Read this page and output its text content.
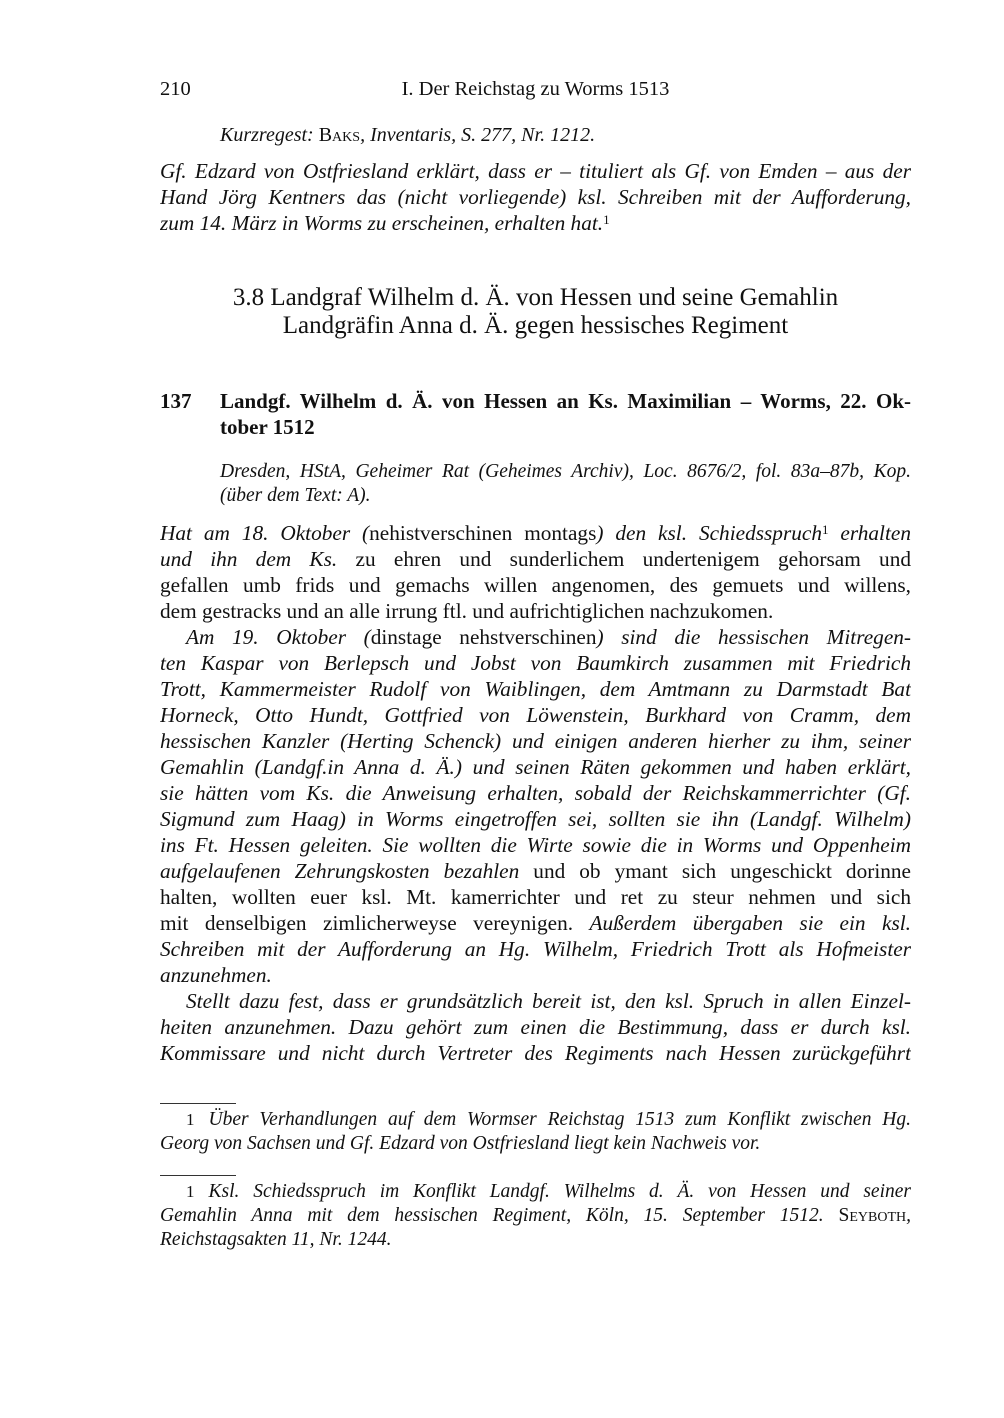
210	I. Der Reichstag zu Worms 1513
Kurzregest: Baks, Inventaris, S. 277, Nr. 1212.
Gf. Edzard von Ostfriesland erklärt, dass er – tituliert als Gf. von Emden – aus der
Hand Jörg Kentners das (nicht vorliegende) ksl. Schreiben mit der Aufforderung,
zum 14. März in Worms zu erscheinen, erhalten hat.$^1$
3.8 Landgraf Wilhelm d. Ä. von Hessen und seine Gemahlin
Landgräfin Anna d. Ä. gegen hessisches Regiment
137 Landgf. Wilhelm d. Ä. von Hessen an Ks. Maximilian – Worms, 22. Ok-
tober 1512
Dresden, HStA, Geheimer Rat (Geheimes Archiv), Loc. 8676/2, fol. 83a–87b, Kop.
(über dem Text: A).
Hat am 18. Oktober (nehistverschinen montags) den ksl. Schiedsspruch$^1$ erhalten
und ihn dem Ks. zu ehren und sunderlichem undertenigem gehorsam und
gefallen umb frids und gemachs willen angenomen, des gemuets und willens,
dem gestracks und an alle irrung ftl. und aufrichtiglichen nachzukomen.
Am 19. Oktober (dinstage nehstverschinen) sind die hessischen Mitregen-
ten Kaspar von Berlepsch und Jobst von Baumkirch zusammen mit Friedrich
Trott, Kammermeister Rudolf von Waiblingen, dem Amtmann zu Darmstadt Bat
Horneck, Otto Hundt, Gottfried von Löwenstein, Burkhard von Cramm, dem
hessischen Kanzler (Herting Schenck) und einigen anderen hierher zu ihm, seiner
Gemahlin (Landgf.in Anna d. Ä.) und seinen Räten gekommen und haben erklärt,
sie hätten vom Ks. die Anweisung erhalten, sobald der Reichskammerrichter (Gf.
Sigmund zum Haag) in Worms eingetroffen sei, sollten sie ihn (Landgf. Wilhelm)
ins Ft. Hessen geleiten. Sie wollten die Wirte sowie die in Worms und Oppenheim
aufgelaufenen Zehrungskosten bezahlen und ob ymant sich ungeschickt dorinne
halten, wollten euer ksl. Mt. kamerrichter und ret zu steur nehmen und sich
mit denselbigen zimlicherweyse vereynigen. Außerdem übergaben sie ein ksl.
Schreiben mit der Aufforderung an Hg. Wilhelm, Friedrich Trott als Hofmeister
anzunehmen.
Stellt dazu fest, dass er grundsätzlich bereit ist, den ksl. Spruch in allen Einzel-
heiten anzunehmen. Dazu gehört zum einen die Bestimmung, dass er durch ksl.
Kommissare und nicht durch Vertreter des Regiments nach Hessen zurückgeführt
1 Über Verhandlungen auf dem Wormser Reichstag 1513 zum Konflikt zwischen Hg.
Georg von Sachsen und Gf. Edzard von Ostfriesland liegt kein Nachweis vor.
1 Ksl. Schiedsspruch im Konflikt Landgf. Wilhelms d. Ä. von Hessen und seiner
Gemahlin Anna mit dem hessischen Regiment, Köln, 15. September 1512. Seyboth,
Reichstagsakten 11, Nr. 1244.
